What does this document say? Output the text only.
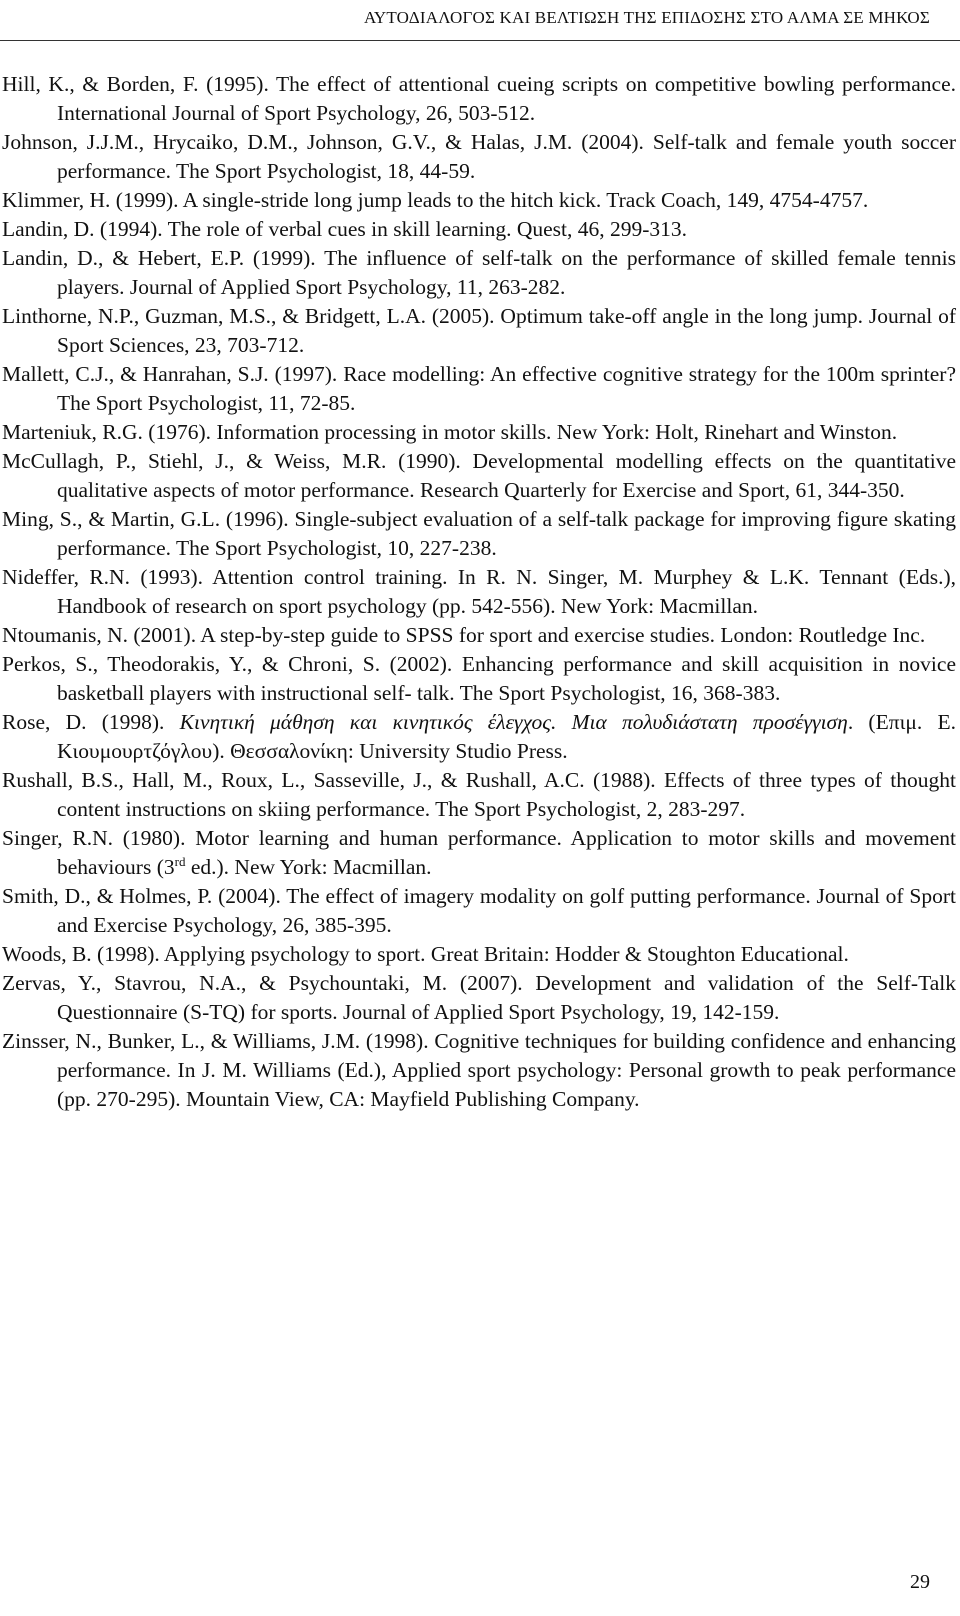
ΑΥΤΟΔΙΑΛΟΓΟΣ ΚΑΙ ΒΕΛΤΙΩΣΗ ΤΗΣ ΕΠΙΔΟΣΗΣ ΣΤΟ ΑΛΜΑ ΣΕ ΜΗΚΟΣ
Hill, K., & Borden, F. (1995). The effect of attentional cueing scripts on competitive bowling performance. International Journal of Sport Psychology, 26, 503-512.
Johnson, J.J.M., Hrycaiko, D.M., Johnson, G.V., & Halas, J.M. (2004). Self-talk and female youth soccer performance. The Sport Psychologist, 18, 44-59.
Klimmer, H. (1999). A single-stride long jump leads to the hitch kick. Track Coach, 149, 4754-4757.
Landin, D. (1994). The role of verbal cues in skill learning. Quest, 46, 299-313.
Landin, D., & Hebert, E.P. (1999). The influence of self-talk on the performance of skilled female tennis players. Journal of Applied Sport Psychology, 11, 263-282.
Linthorne, N.P., Guzman, M.S., & Bridgett, L.A. (2005). Optimum take-off angle in the long jump. Journal of Sport Sciences, 23, 703-712.
Mallett, C.J., & Hanrahan, S.J. (1997). Race modelling: An effective cognitive strategy for the 100m sprinter? The Sport Psychologist, 11, 72-85.
Marteniuk, R.G. (1976). Information processing in motor skills. New York: Holt, Rinehart and Winston.
McCullagh, P., Stiehl, J., & Weiss, M.R. (1990). Developmental modelling effects on the quantitative qualitative aspects of motor performance. Research Quarterly for Exercise and Sport, 61, 344-350.
Ming, S., & Martin, G.L. (1996). Single-subject evaluation of a self-talk package for improving figure skating performance. The Sport Psychologist, 10, 227-238.
Nideffer, R.N. (1993). Attention control training. In R. N. Singer, M. Murphey & L.K. Tennant (Eds.), Handbook of research on sport psychology (pp. 542-556). New York: Macmillan.
Ntoumanis, N. (2001). A step-by-step guide to SPSS for sport and exercise studies. London: Routledge Inc.
Perkos, S., Theodorakis, Y., & Chroni, S. (2002). Enhancing performance and skill acquisition in novice basketball players with instructional self- talk. The Sport Psychologist, 16, 368-383.
Rose, D. (1998). Κινητική μάθηση και κινητικός έλεγχος. Μια πολυδιάστατη προσέγγιση. (Επιμ. Ε. Κιουμουρτζόγλου). Θεσσαλονίκη: University Studio Press.
Rushall, B.S., Hall, M., Roux, L., Sasseville, J., & Rushall, A.C. (1988). Effects of three types of thought content instructions on skiing performance. The Sport Psychologist, 2, 283-297.
Singer, R.N. (1980). Motor learning and human performance. Application to motor skills and movement behaviours (3rd ed.). New York: Macmillan.
Smith, D., & Holmes, P. (2004). The effect of imagery modality on golf putting performance. Journal of Sport and Exercise Psychology, 26, 385-395.
Woods, B. (1998). Applying psychology to sport. Great Britain: Hodder & Stoughton Educational.
Zervas, Y., Stavrou, N.A., & Psychountaki, M. (2007). Development and validation of the Self-Talk Questionnaire (S-TQ) for sports. Journal of Applied Sport Psychology, 19, 142-159.
Zinsser, N., Bunker, L., & Williams, J.M. (1998). Cognitive techniques for building confidence and enhancing performance. In J. M. Williams (Ed.), Applied sport psychology: Personal growth to peak performance (pp. 270-295). Mountain View, CA: Mayfield Publishing Company.
29
